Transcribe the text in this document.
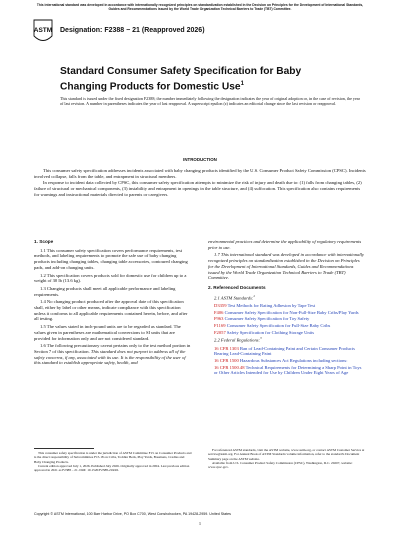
This international standard was developed in accordance with internationally recognized principles on standardization established in the Decision on Principles for the Development of International Standards, Guides and Recommendations issued by the World Trade Organization Technical Barriers to Trade (TBT) Committee.
ASTM Designation: F2388 − 21 (Reapproved 2026)
Standard Consumer Safety Specification for Baby Changing Products for Domestic Use$^1$
This standard is issued under the fixed designation F2388; the number immediately following the designation indicates the year of original adoption or, in the case of revision, the year of last revision. A number in parentheses indicates the year of last reapproval. A superscript epsilon (ε) indicates an editorial change since the last revision or reapproval.
INTRODUCTION

This consumer safety specification addresses incidents associated with baby changing products identified by the U.S. Consumer Product Safety Commission (CPSC). Incidents involved collapse, falls from the table, and entrapment in structural members.

In response to incident data collected by CPSC, this consumer safety specification attempts to minimize the risk of injury and death due to: (1) falls from changing tables, (2) failure of structural or mechanical components, (3) instability and entrapment in openings in the table structure, and (4) suffocation. This specification also contains requirements for warnings and instructional materials directed to parents or caregivers.

1. Scope

1.1 This consumer safety specification covers performance requirements, test methods, and labeling requirements to promote the safe use of baby changing products including changing tables, changing table accessories, contoured changing pads, and add-on changing units.

1.2 This specification covers products sold for domestic use for children up to a weight of 30 lb (13.6 kg).

1.3 Changing products shall meet all applicable performance and labeling requirements.

1.4 No changing product produced after the approval date of this specification shall, either by label or other means, indicate compliance with this specification unless it conforms to all applicable requirements contained herein, before, and after all testing.

1.5 The values stated in inch-pound units are to be regarded as standard. The values given in parentheses are mathematical conversions to SI units that are provided for information only and are not considered standard.

1.6 The following precautionary caveat pertains only to the test method portion in Section 7 of this specification. This standard does not purport to address all of the safety concerns, if any, associated with its use. It is the responsibility of the user of this standard to establish appropriate safety, health, and

environmental practices and determine the applicability of regulatory requirements prior to use.

1.7 This international standard was developed in accordance with internationally recognized principles on standardization established in the Decision on Principles for the Development of International Standards, Guides and Recommendations issued by the World Trade Organization Technical Barriers to Trade (TBT) Committee.

2. Referenced Documents

2.1 ASTM Standards:$^2$

D3359 Test Methods for Rating Adhesion by Tape Test
F406 Consumer Safety Specification for Non-Full-Size Baby Cribs/Play Yards
F963 Consumer Safety Specification for Toy Safety
F1169 Consumer Safety Specification for Full-Size Baby Cribs
F2057 Safety Specification for Clothing Storage Units

2.2 Federal Regulations:$^3$

16 CFR 1303 Ban of Lead-Containing Paint and Certain Consumer Products Bearing Lead-Containing Paint
16 CFR 1500 Hazardous Substances Act Regulations including sections:
16 CFR 1500.48 Technical Requirements for Determining a Sharp Point in Toys or Other Articles Intended for Use by Children Under Eight Years of Age

This consumer safety specification is under the jurisdiction of ASTM Committee F15 on Consumer Products and is the direct responsibility of Subcommittee F15.18 on Cribs, Toddler Beds, Play Yards, Bassinets, Cradles and Baby Changing Products.

Current edition approved July 1, 2026. Published July 2026. Originally approved in 2004. Last previous edition approved in 2021 as F2388 – 21. DOI: 10.1520/F2388-21R26.

For referenced ASTM standards, visit the ASTM website, www.astm.org, or contact ASTM Customer Service at service@astm.org. For Annual Book of ASTM Standards volume information, refer to the standard's Document Summary page on the ASTM website.

Available from U.S. Consumer Product Safety Commission (CPSC), Washington, D.C. 20207, website: www.cpsc.gov.

Copyright © ASTM International, 100 Barr Harbor Drive, PO Box C700, West Conshohocken, PA 19428-2959. United States
1
